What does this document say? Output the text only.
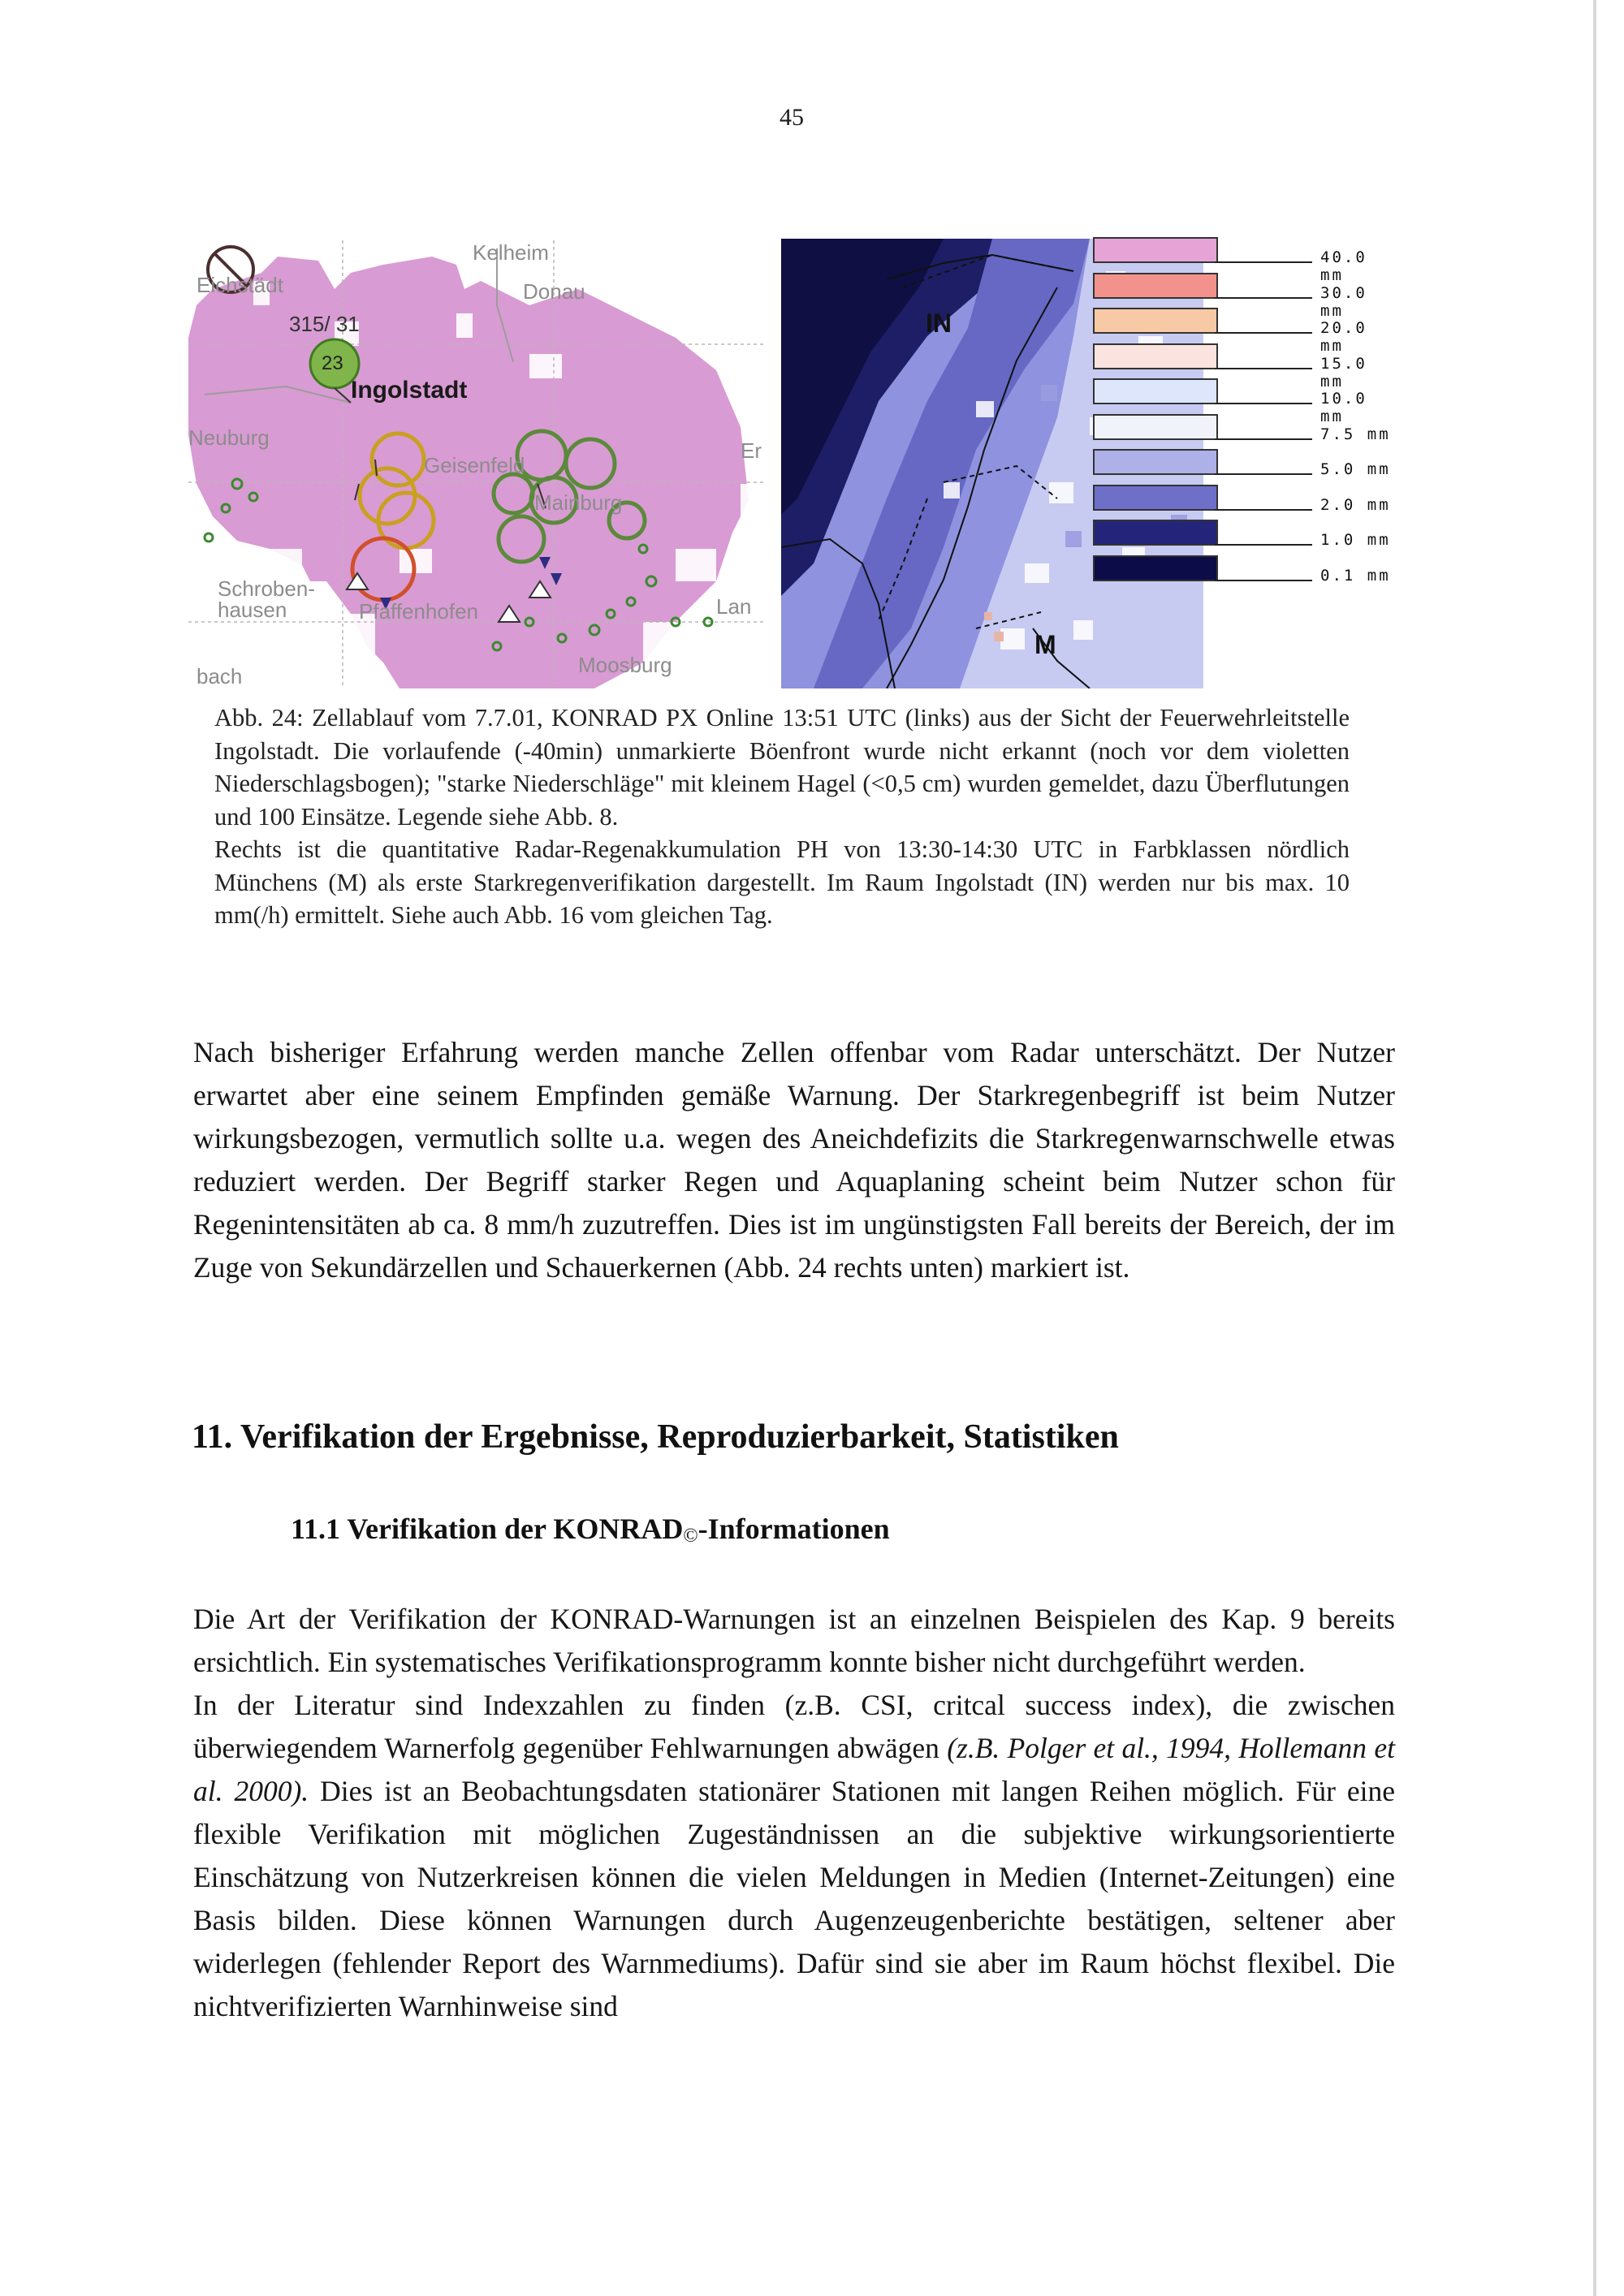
45
Eichstädt
Kelheim
Donau
315/ 31
23
Ingolstadt
Neuburg
Geisenfeld
Mainburg
Schroben-
hausen	Pfaffenhofen
Moosburg
Lan
Er
bach
IN
M
40.0 mm
30.0 mm
20.0 mm
15.0 mm
10.0 mm
7.5 mm
5.0 mm
2.0 mm
1.0 mm
0.1 mm

Abb. 24: Zellablauf vom 7.7.01, KONRAD PX Online 13:51 UTC (links) aus der Sicht der Feuerwehrleitstelle Ingolstadt. Die vorlaufende (-40min) unmarkierte Böenfront wurde nicht erkannt (noch vor dem violetten Niederschlagsbogen); "starke Niederschläge" mit kleinem Hagel (<0,5 cm) wurden gemeldet, dazu Überflutungen und 100 Einsätze. Legende siehe Abb. 8.

Rechts ist die quantitative Radar-Regenakkumulation PH von 13:30-14:30 UTC in Farbklassen nördlich Münchens (M) als erste Starkregenverifikation dargestellt. Im Raum Ingolstadt (IN) werden nur bis max. 10 mm(/h) ermittelt. Siehe auch Abb. 16 vom gleichen Tag.

Nach bisheriger Erfahrung werden manche Zellen offenbar vom Radar unterschätzt. Der Nutzer erwartet aber eine seinem Empfinden gemäße Warnung. Der Starkregenbegriff ist beim Nutzer wirkungsbezogen, vermutlich sollte u.a. wegen des Aneichdefizits die Starkregenwarnschwelle etwas reduziert werden. Der Begriff starker Regen und Aquaplaning scheint beim Nutzer schon für Regenintensitäten ab ca. 8 mm/h zuzutreffen. Dies ist im ungünstigsten Fall bereits der Bereich, der im Zuge von Sekundärzellen und Schauerkernen (Abb. 24 rechts unten) markiert ist.

11. Verifikation der Ergebnisse, Reproduzierbarkeit, Statistiken
11.1 Verifikation der KONRAD©-Informationen

Die Art der Verifikation der KONRAD-Warnungen ist an einzelnen Beispielen des Kap. 9 bereits ersichtlich. Ein systematisches Verifikationsprogramm konnte bisher nicht durchgeführt werden.

In der Literatur sind Indexzahlen zu finden (z.B. CSI, critcal success index), die zwischen überwiegendem Warnerfolg gegenüber Fehlwarnungen abwägen (z.B. Polger et al., 1994, Hollemann et al. 2000). Dies ist an Beobachtungsdaten stationärer Stationen mit langen Reihen möglich. Für eine flexible Verifikation mit möglichen Zugeständnissen an die subjektive wirkungsorientierte Einschätzung von Nutzerkreisen können die vielen Meldungen in Medien (Internet-Zeitungen) eine Basis bilden. Diese können Warnungen durch Augenzeugenberichte bestätigen, seltener aber widerlegen (fehlender Report des Warnmediums). Dafür sind sie aber im Raum höchst flexibel. Die nichtverifizierten Warnhinweise sind
